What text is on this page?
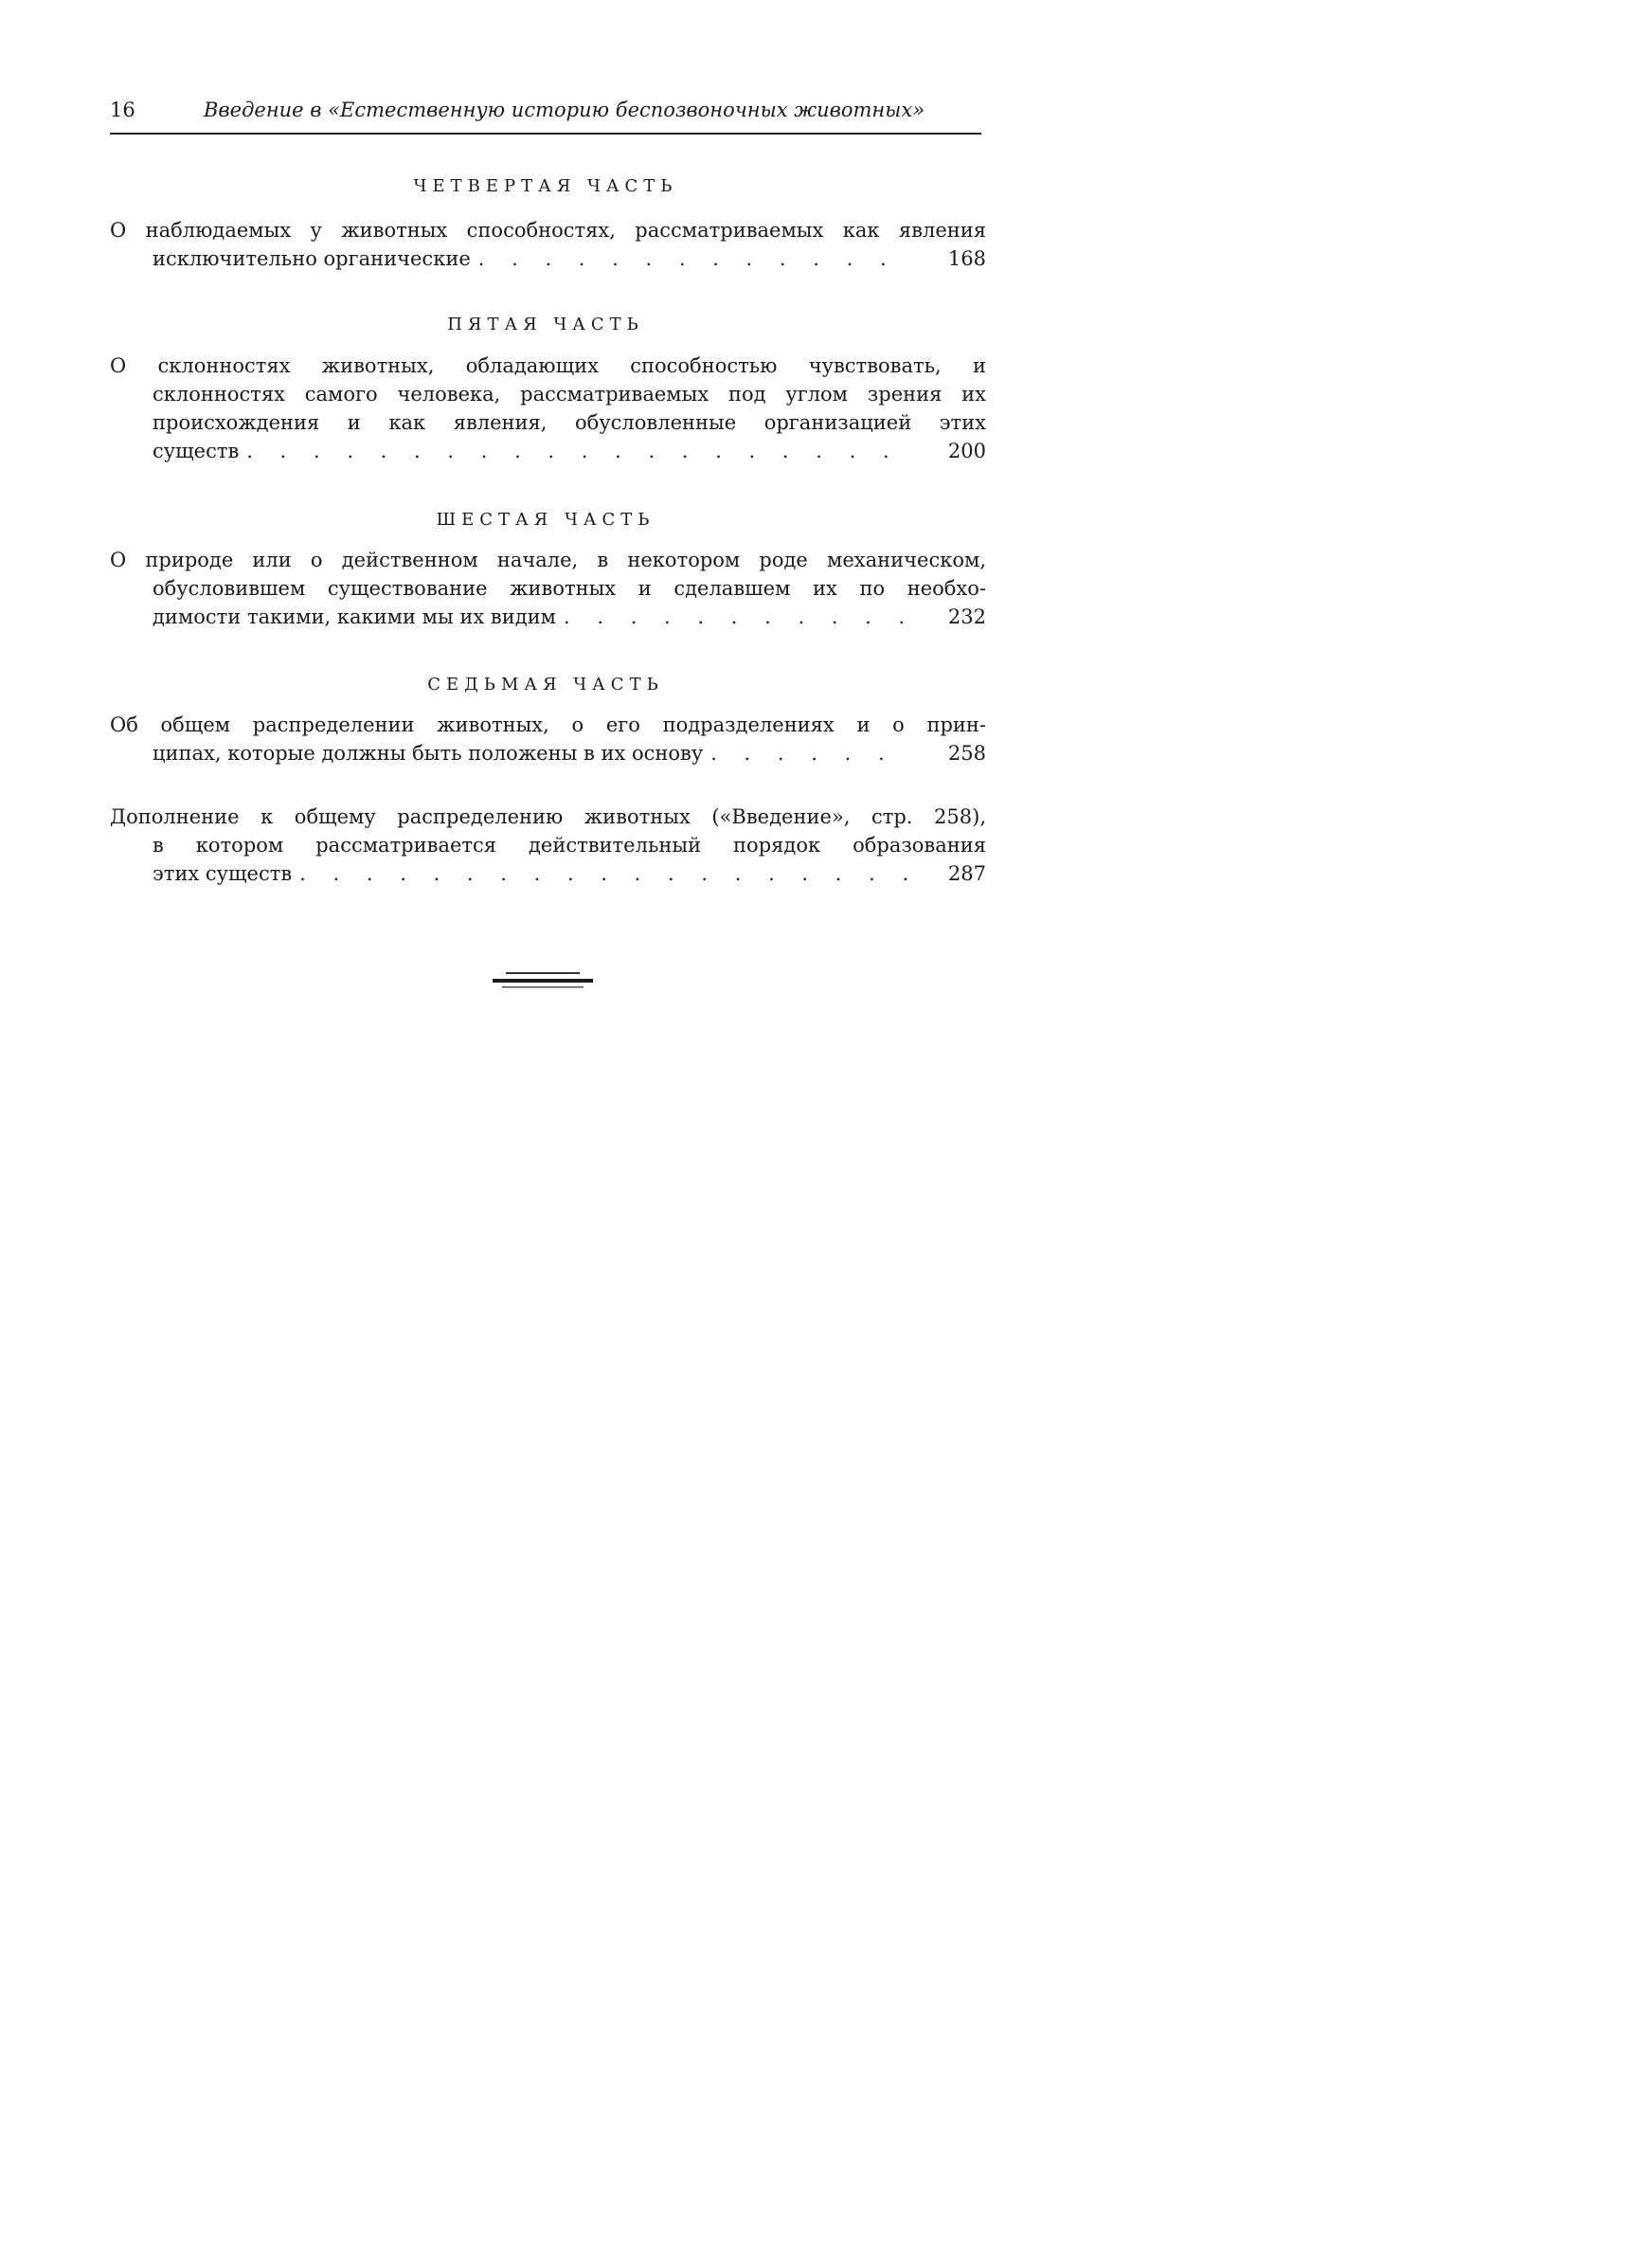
16	Введение в «Естественную историю беспозвоночных животных»
ЧЕТВЕРТАЯ ЧАСТЬ
О наблюдаемых у животных способностях, рассматриваемых как явления
исключительно органические . . .	168
ПЯТАЯ ЧАСТЬ
О склонностях животных, обладающих способностью чувствовать, и
склонностях самого человека, рассматриваемых под углом зрения их
происхождения и как явления, обусловленные организацией этих
существ . . .	200
ШЕСТАЯ ЧАСТЬ
О природе или о действенном начале, в некотором роде механическом,
обусловившем существование животных и сделавшем их по необхо-
димости такими, какими мы их видим . . .	232
СЕДЬМАЯ ЧАСТЬ
Об общем распределении животных, о его подразделениях и о прин-
ципах, которые должны быть положены в их основу . . .	258
Дополнение к общему распределению животных («Введение», стр. 258),
в котором рассматривается действительный порядок образования
этих существ . . .	287
